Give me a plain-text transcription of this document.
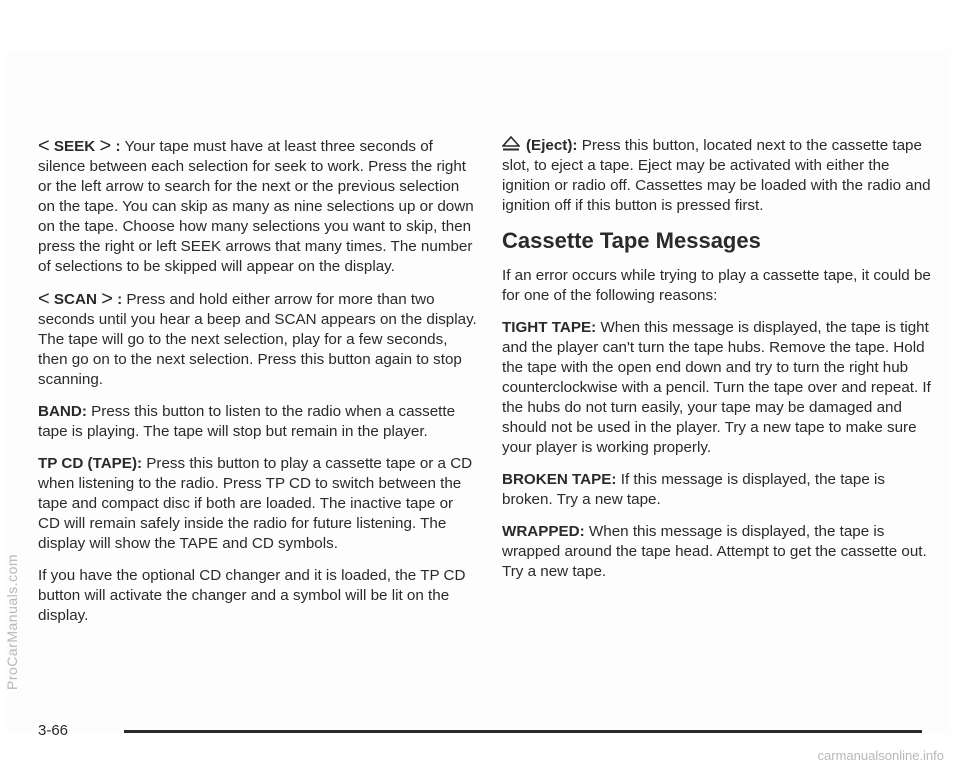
< SEEK > : Your tape must have at least three seconds of silence between each selection for seek to work. Press the right or the left arrow to search for the next or the previous selection on the tape. You can skip as many as nine selections up or down on the tape. Choose how many selections you want to skip, then press the right or left SEEK arrows that many times. The number of selections to be skipped will appear on the display.

< SCAN > : Press and hold either arrow for more than two seconds until you hear a beep and SCAN appears on the display. The tape will go to the next selection, play for a few seconds, then go on to the next selection. Press this button again to stop scanning.

BAND: Press this button to listen to the radio when a cassette tape is playing. The tape will stop but remain in the player.

TP CD (TAPE): Press this button to play a cassette tape or a CD when listening to the radio. Press TP CD to switch between the tape and compact disc if both are loaded. The inactive tape or CD will remain safely inside the radio for future listening. The display will show the TAPE and CD symbols.

If you have the optional CD changer and it is loaded, the TP CD button will activate the changer and a symbol will be lit on the display.

(Eject): Press this button, located next to the cassette tape slot, to eject a tape. Eject may be activated with either the ignition or radio off. Cassettes may be loaded with the radio and ignition off if this button is pressed first.

Cassette Tape Messages

If an error occurs while trying to play a cassette tape, it could be for one of the following reasons:

TIGHT TAPE: When this message is displayed, the tape is tight and the player can't turn the tape hubs. Remove the tape. Hold the tape with the open end down and try to turn the right hub counterclockwise with a pencil. Turn the tape over and repeat. If the hubs do not turn easily, your tape may be damaged and should not be used in the player. Try a new tape to make sure your player is working properly.

BROKEN TAPE: If this message is displayed, the tape is broken. Try a new tape.

WRAPPED: When this message is displayed, the tape is wrapped around the tape head. Attempt to get the cassette out. Try a new tape.

3-66
ProCarManuals.com
carmanualsonline.info
